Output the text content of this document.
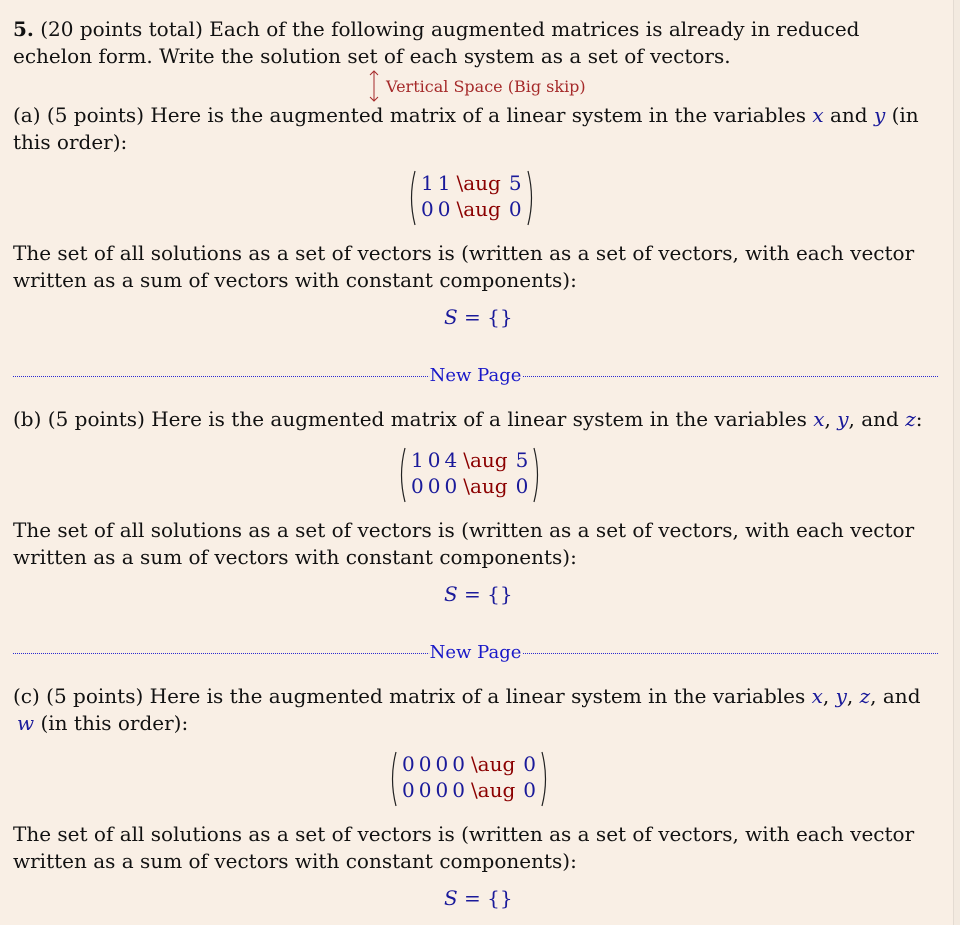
5. (20 points total) Each of the following augmented matrices is already in reduced
echelon form. Write the solution set of each system as a set of vectors.
Vertical Space (Big skip)
(a) (5 points) Here is the augmented matrix of a linear system in the variables x and y (in
this order):
1 1 \aug 5
0 0 \aug 0
The set of all solutions as a set of vectors is (written as a set of vectors, with each vector
written as a sum of vectors with constant components):
S = {}
New Page
(b) (5 points) Here is the augmented matrix of a linear system in the variables x, y, and z:
1 0 4 \aug 5
0 0 0 \aug 0
The set of all solutions as a set of vectors is (written as a set of vectors, with each vector
written as a sum of vectors with constant components):
S = {}
New Page
(c) (5 points) Here is the augmented matrix of a linear system in the variables x, y, z, and
w (in this order):
0 0 0 0 \aug 0
0 0 0 0 \aug 0
The set of all solutions as a set of vectors is (written as a set of vectors, with each vector
written as a sum of vectors with constant components):
S = {}
